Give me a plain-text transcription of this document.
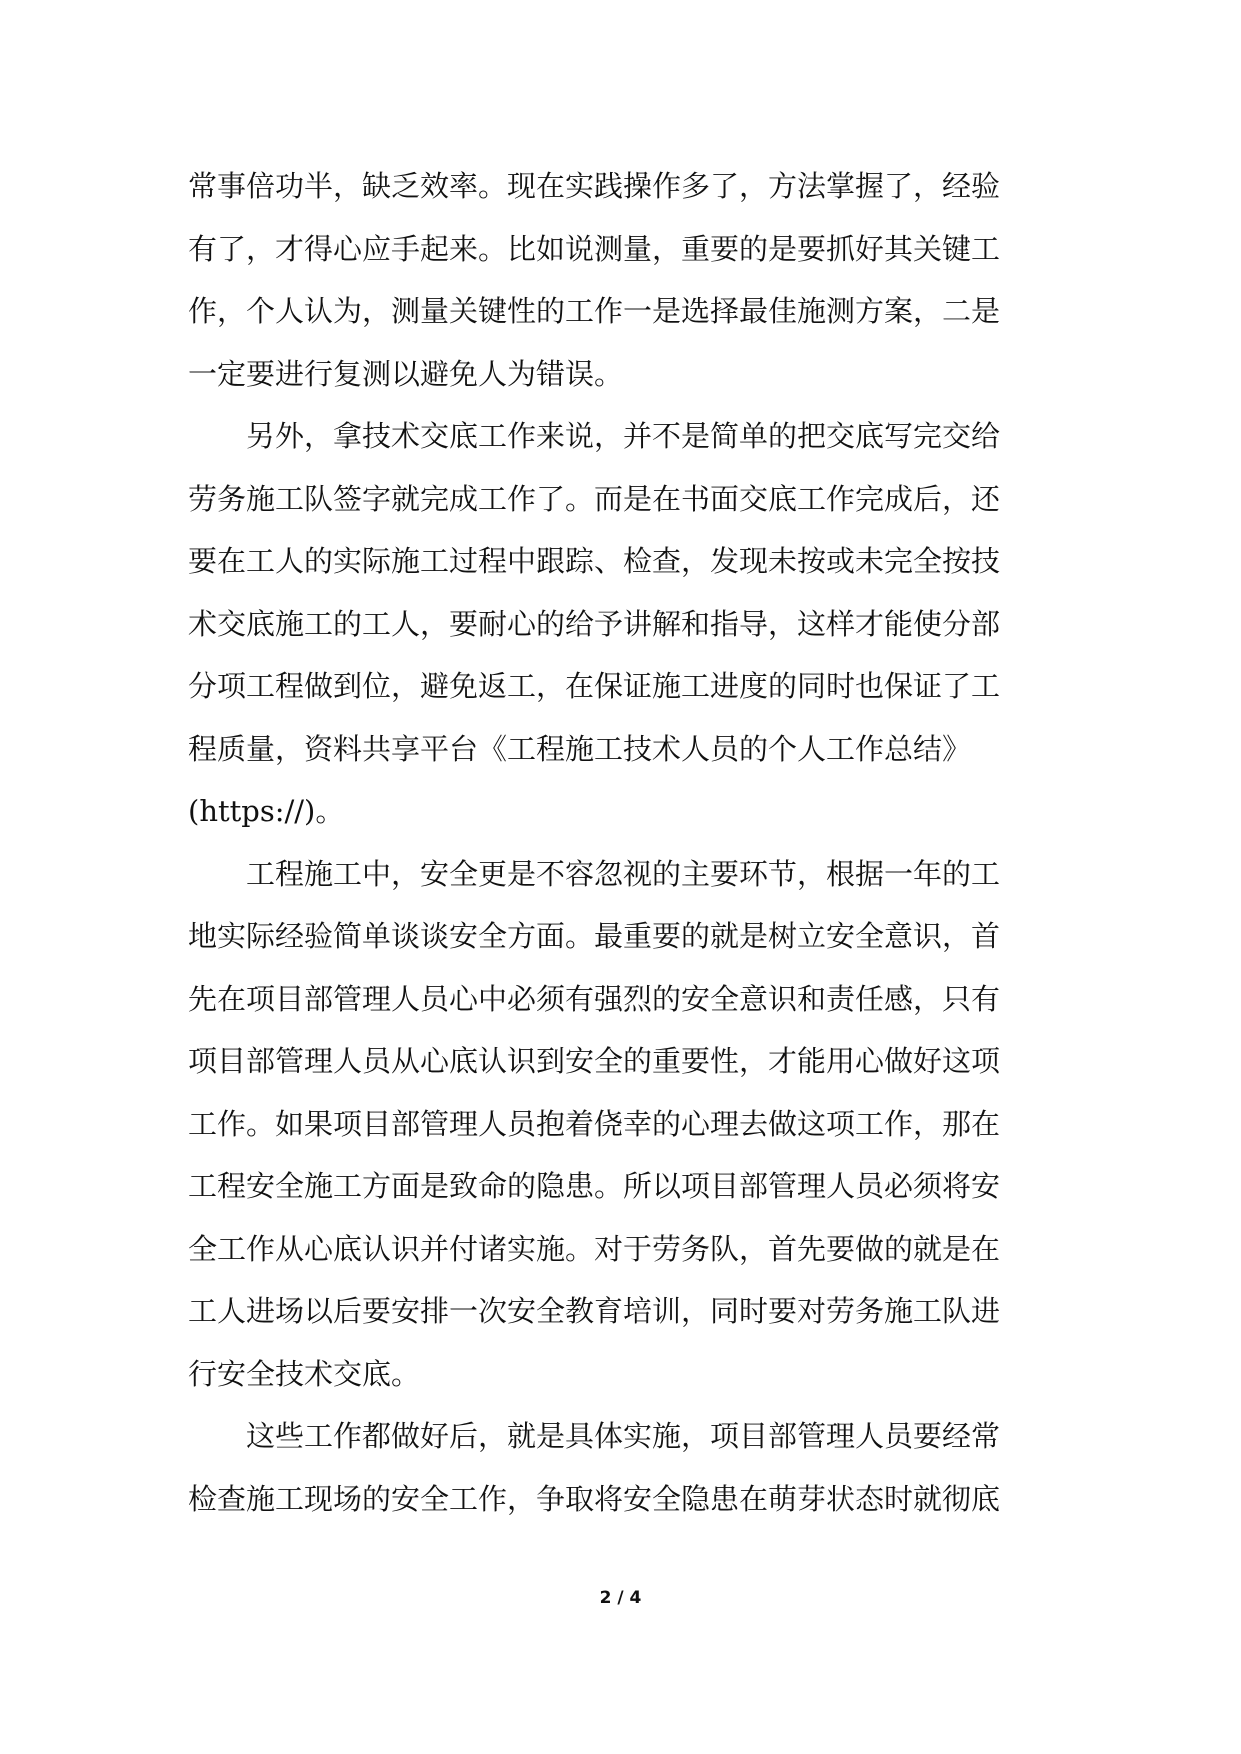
常事倍功半，缺乏效率。现在实践操作多了，方法掌握了，经验
有了，才得心应手起来。比如说测量，重要的是要抓好其关键工
作，个人认为，测量关键性的工作一是选择最佳施测方案，二是
一定要进行复测以避免人为错误。
　　另外，拿技术交底工作来说，并不是简单的把交底写完交给
劳务施工队签字就完成工作了。而是在书面交底工作完成后，还
要在工人的实际施工过程中跟踪、检查，发现未按或未完全按技
术交底施工的工人，要耐心的给予讲解和指导，这样才能使分部
分项工程做到位，避免返工，在保证施工进度的同时也保证了工
程质量，资料共享平台《工程施工技术人员的个人工作总结》
(https://)。
　　工程施工中，安全更是不容忽视的主要环节，根据一年的工
地实际经验简单谈谈安全方面。最重要的就是树立安全意识，首
先在项目部管理人员心中必须有强烈的安全意识和责任感，只有
项目部管理人员从心底认识到安全的重要性，才能用心做好这项
工作。如果项目部管理人员抱着侥幸的心理去做这项工作，那在
工程安全施工方面是致命的隐患。所以项目部管理人员必须将安
全工作从心底认识并付诸实施。对于劳务队，首先要做的就是在
工人进场以后要安排一次安全教育培训，同时要对劳务施工队进
行安全技术交底。
　　这些工作都做好后，就是具体实施，项目部管理人员要经常
检查施工现场的安全工作，争取将安全隐患在萌芽状态时就彻底
2 / 4
